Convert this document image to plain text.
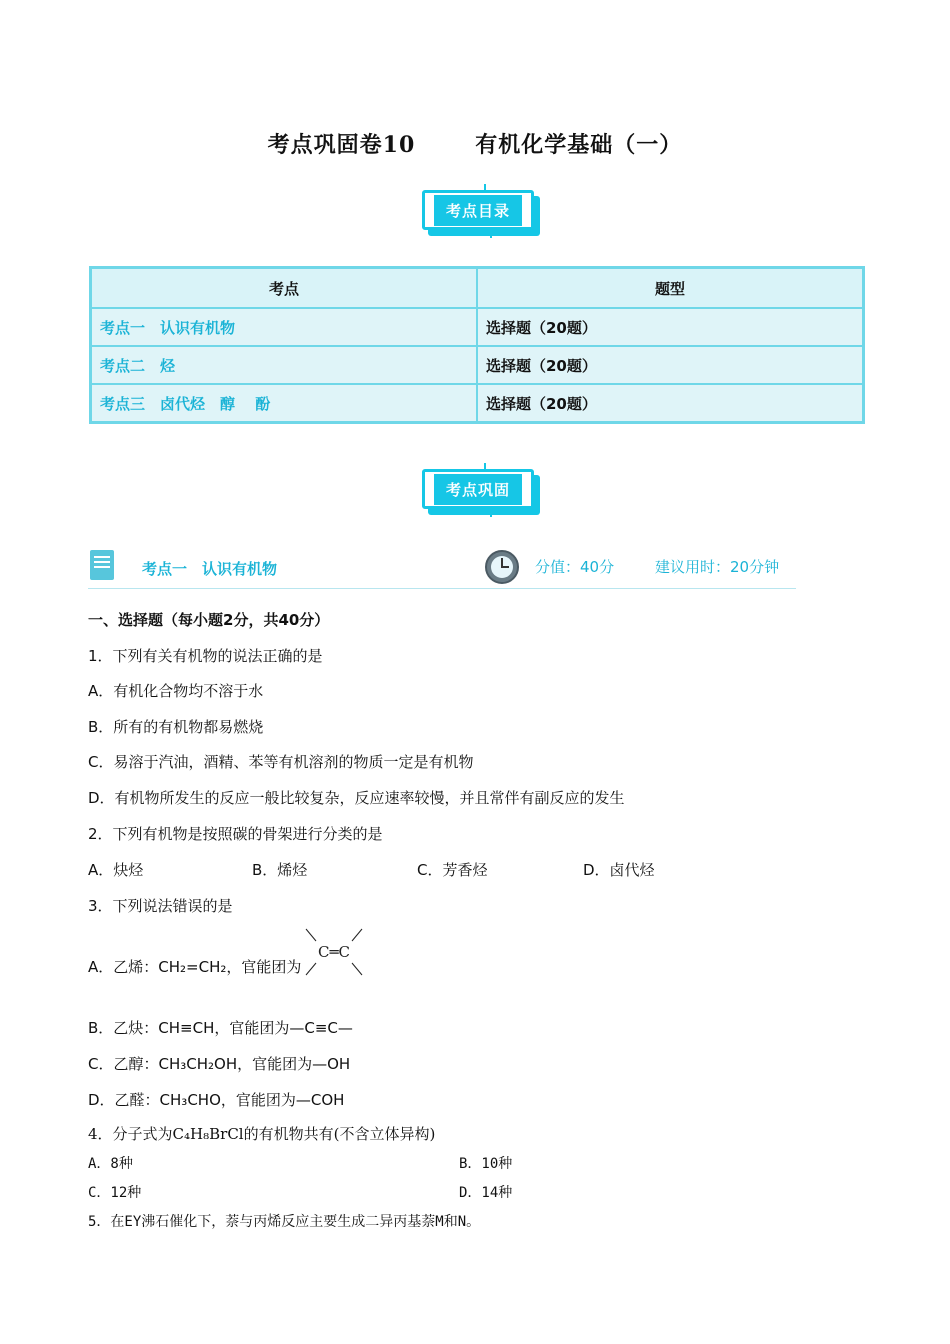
考点巩固卷10	有机化学基础（一）
考点目录
考点	题型
考点一　认识有机物	选择题（20题）
考点二　烃	选择题（20题）
考点三　卤代烃　醇　 酚	选择题（20题）
考点巩固
考点一　认识有机物	分值：40分	建议用时：20分钟
一、选择题（每小题2分，共40分）
1．下列有关有机物的说法正确的是
A．有机化合物均不溶于水
B．所有的有机物都易燃烧
C．易溶于汽油，酒精、苯等有机溶剂的物质一定是有机物
D．有机物所发生的反应一般比较复杂，反应速率较慢，并且常伴有副反应的发生
2．下列有机物是按照碳的骨架进行分类的是
A．炔烃	B．烯烃	C．芳香烃	D．卤代烃
3．下列说法错误的是
A．乙烯：CH₂=CH₂，官能团为
C═C
B．乙炔：CH≡CH，官能团为—C≡C—
C．乙醇：CH₃CH₂OH，官能团为—OH
D．乙醛：CH₃CHO，官能团为—COH
4．分子式为C₄H₈BrCl的有机物共有(不含立体异构)
A．8种	B．10种
C．12种	D．14种
5．在EY沸石催化下，萘与丙烯反应主要生成二异丙基萘M和N。
